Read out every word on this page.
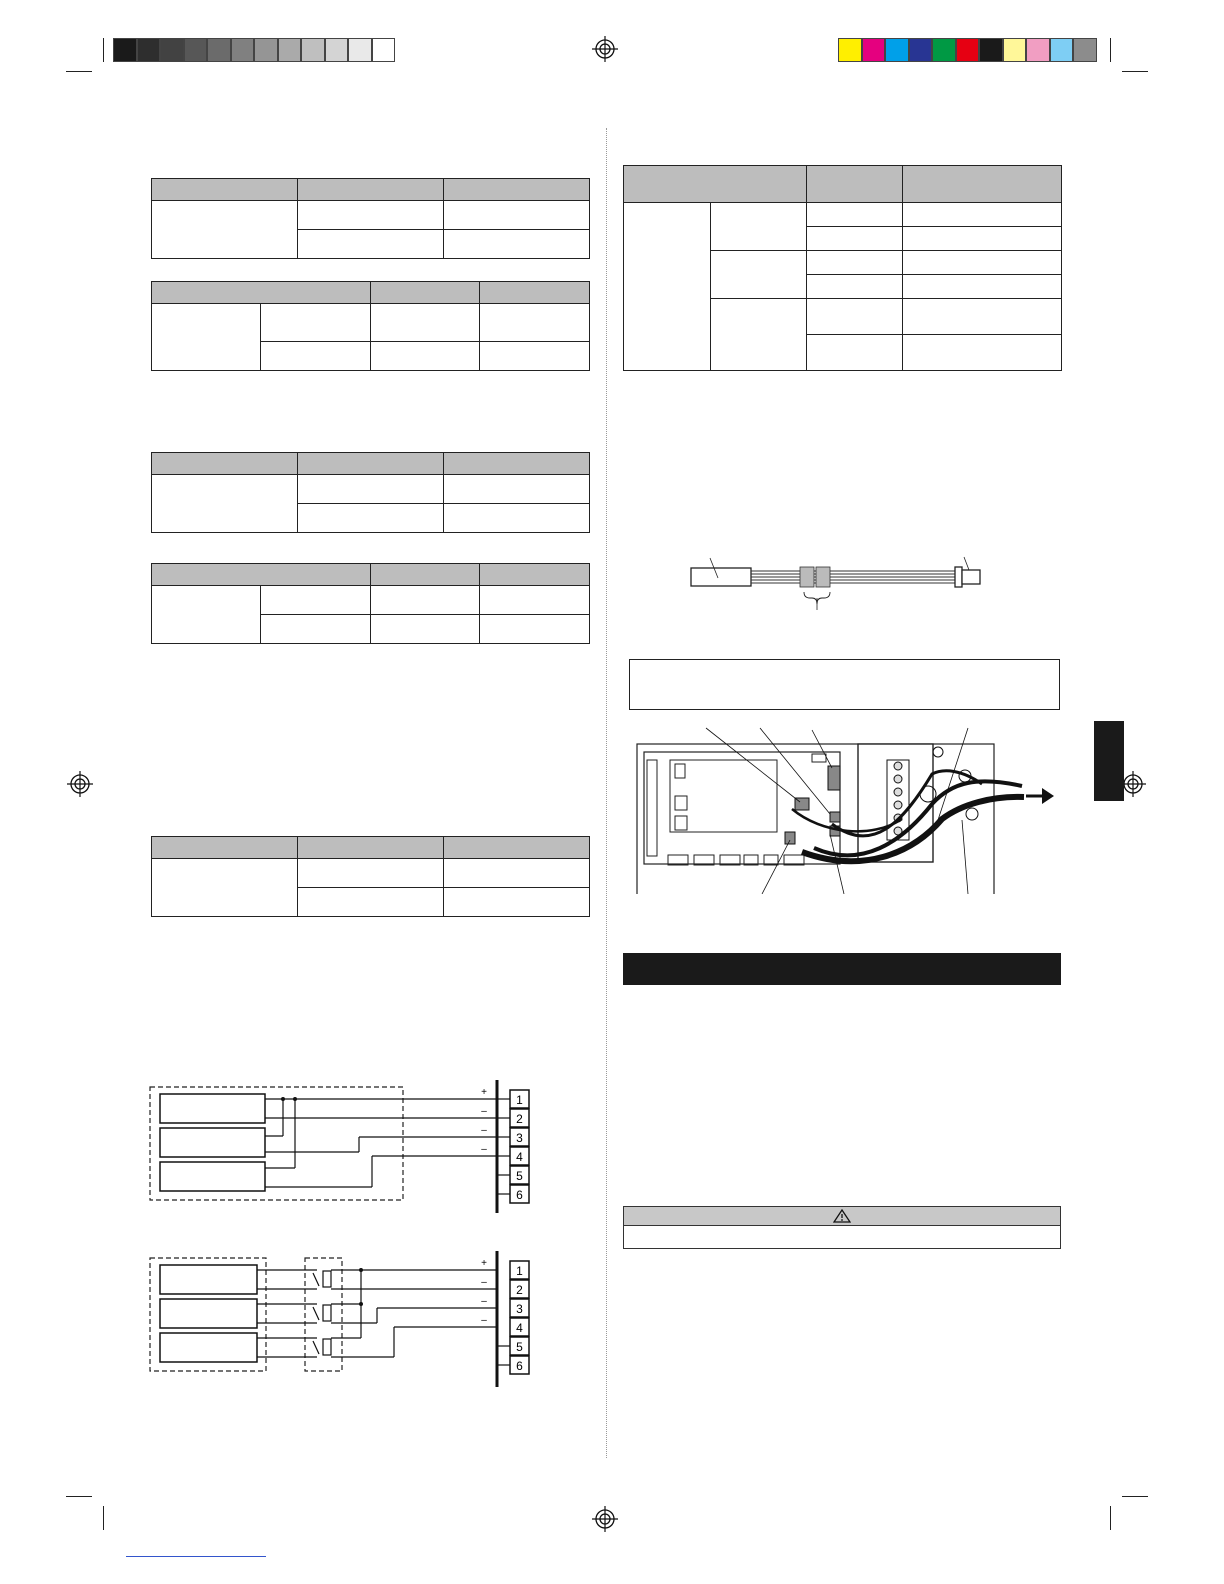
1
2
3
4
5
6
+
–
–
–
1
2
3
4
5
6
+
–
–
–
